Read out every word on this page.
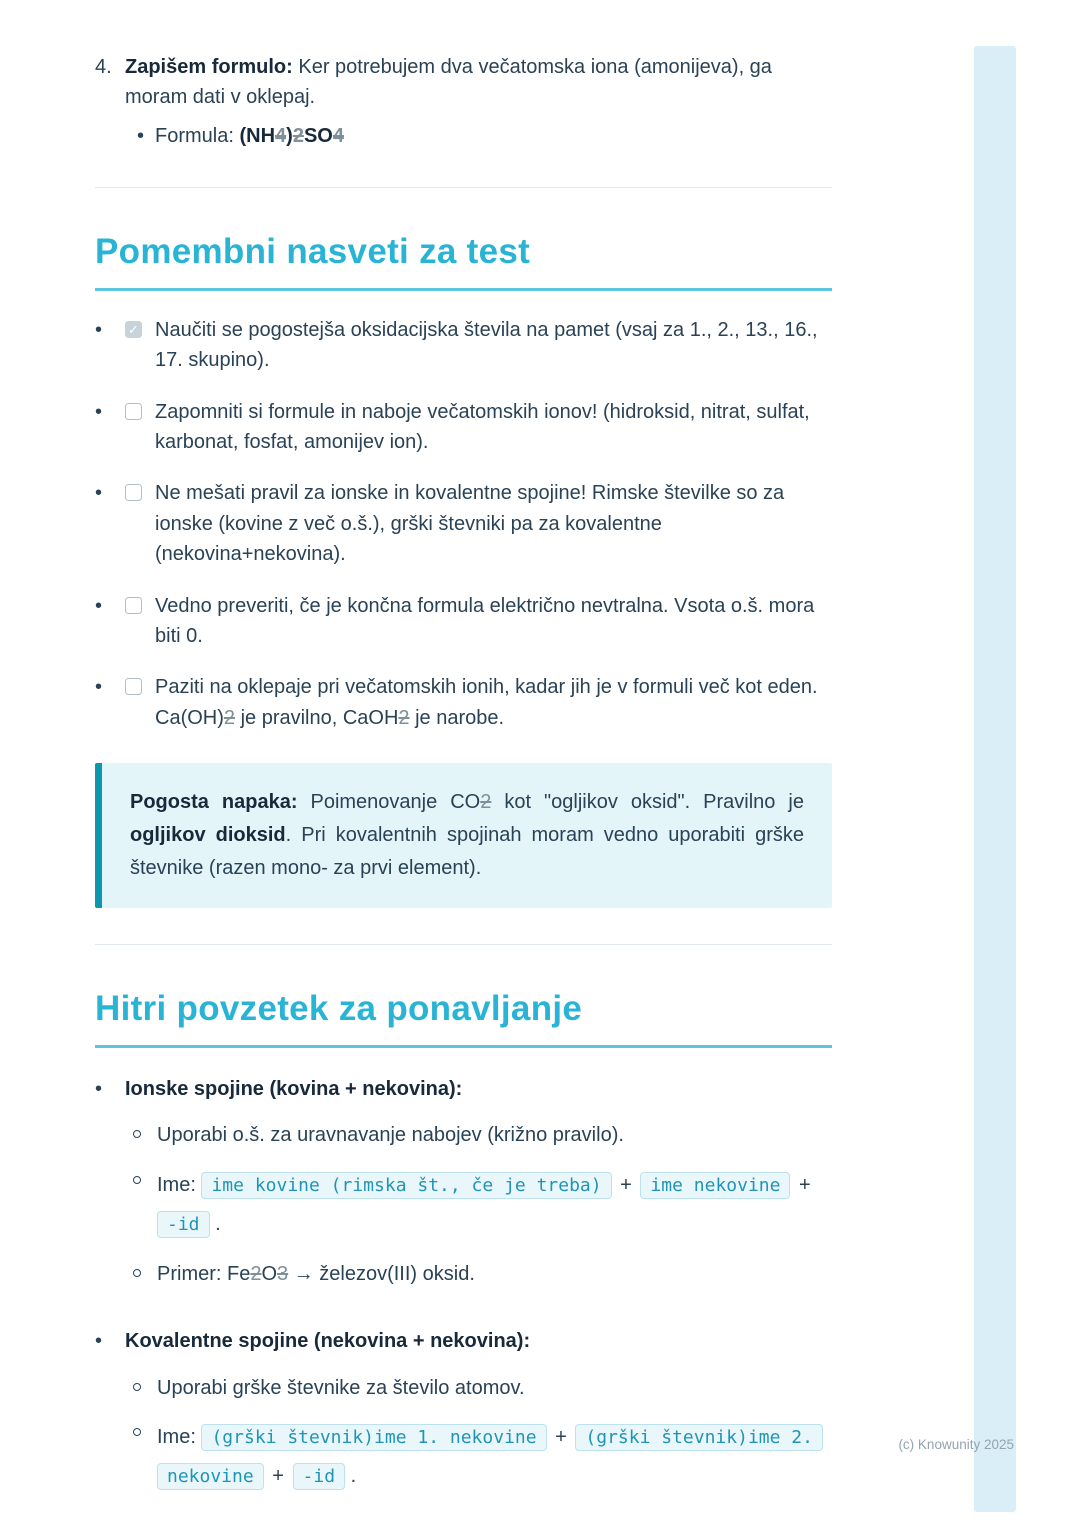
4. Zapišem formulo: Ker potrebujem dva večatomska iona (amonijeva), ga moram dati v oklepaj.

• Formula: (NH4)2SO4
Pomembni nasveti za test
• ✓	Naučiti se pogostejša oksidacijska števila na pamet (vsaj za 1., 2., 13., 16., 17. skupino).
•	Zapomniti si formule in naboje večatomskih ionov! (hidroksid, nitrat, sulfat, karbonat, fosfat, amonijev ion).
•	Ne mešati pravil za ionske in kovalentne spojine! Rimske številke so za ionske (kovine z več o.š.), grški števniki pa za kovalentne (nekovina+nekovina).
•	Vedno preveriti, če je končna formula električno nevtralna. Vsota o.š. mora biti 0.
•	Paziti na oklepaje pri večatomskih ionih, kadar jih je v formuli več kot eden. Ca(OH)2 je pravilno, CaOH2 je narobe.

Pogosta napaka: Poimenovanje CO2 kot "ogljikov oksid". Pravilno je ogljikov dioksid. Pri kovalentnih spojinah moram vedno uporabiti grške števnike (razen mono- za prvi element).

Hitri povzetek za ponavljanje
•	Ionske spojine (kovina + nekovina):

Uporabi o.š. za uravnavanje nabojev (križno pravilo).
Ime: ime kovine (rimska št., če je treba) + ime nekovine + -id .
Primer: Fe2O3 → železov(III) oksid.
•	Kovalentne spojine (nekovina + nekovina):

Uporabi grške števnike za število atomov.
Ime: (grški števnik)ime 1. nekovine + (grški števnik)ime 2. nekovine + -id .
(c) Knowunity 2025
